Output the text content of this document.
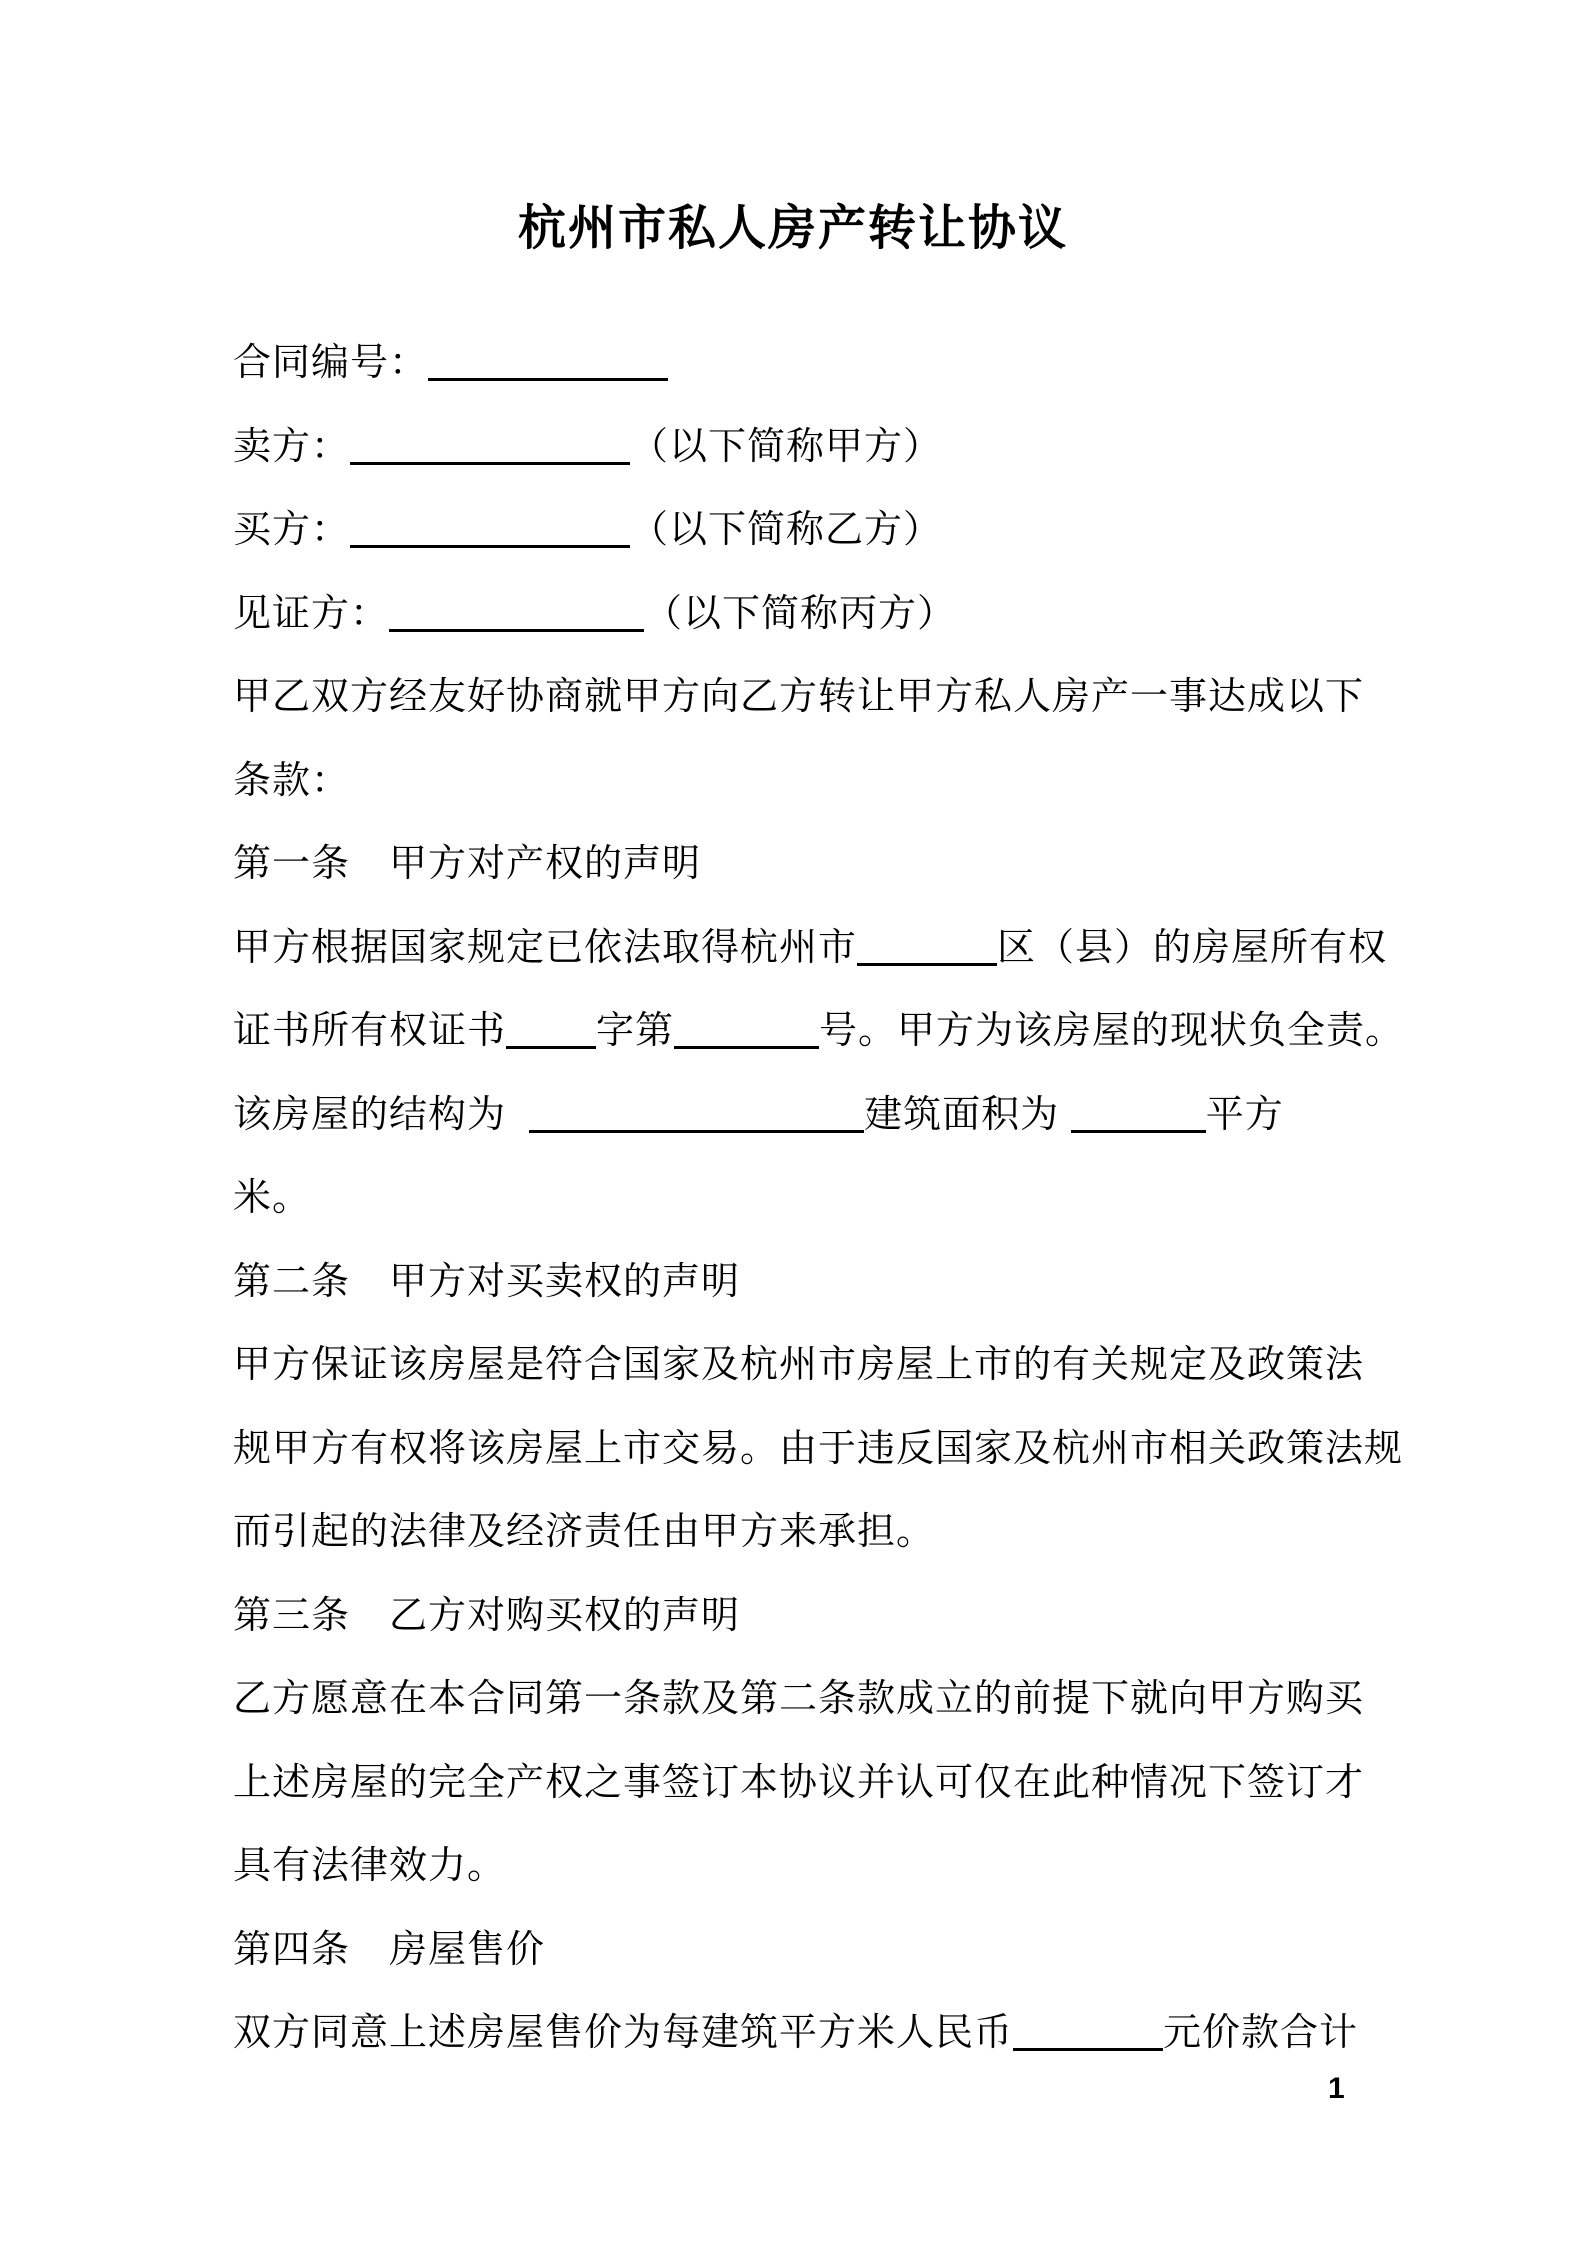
杭州市私人房产转让协议
合同编号：
卖方：	（以下简称甲方）
买方：	（以下简称乙方）
见证方：	（以下简称丙方）
甲乙双方经友好协商就甲方向乙方转让甲方私人房产一事达成以下
条款：
第一条　甲方对产权的声明
甲方根据国家规定已依法取得杭州市	区（县）的房屋所有权
证书所有权证书 字第	号。甲方为该房屋的现状负全责。
该房屋的结构为	建筑面积为	平方
米。
第二条　甲方对买卖权的声明
甲方保证该房屋是符合国家及杭州市房屋上市的有关规定及政策法
规甲方有权将该房屋上市交易。由于违反国家及杭州市相关政策法规
而引起的法律及经济责任由甲方来承担。
第三条　乙方对购买权的声明
乙方愿意在本合同第一条款及第二条款成立的前提下就向甲方购买
上述房屋的完全产权之事签订本协议并认可仅在此种情况下签订才
具有法律效力。
第四条　房屋售价
双方同意上述房屋售价为每建筑平方米人民币	元价款合计
1
